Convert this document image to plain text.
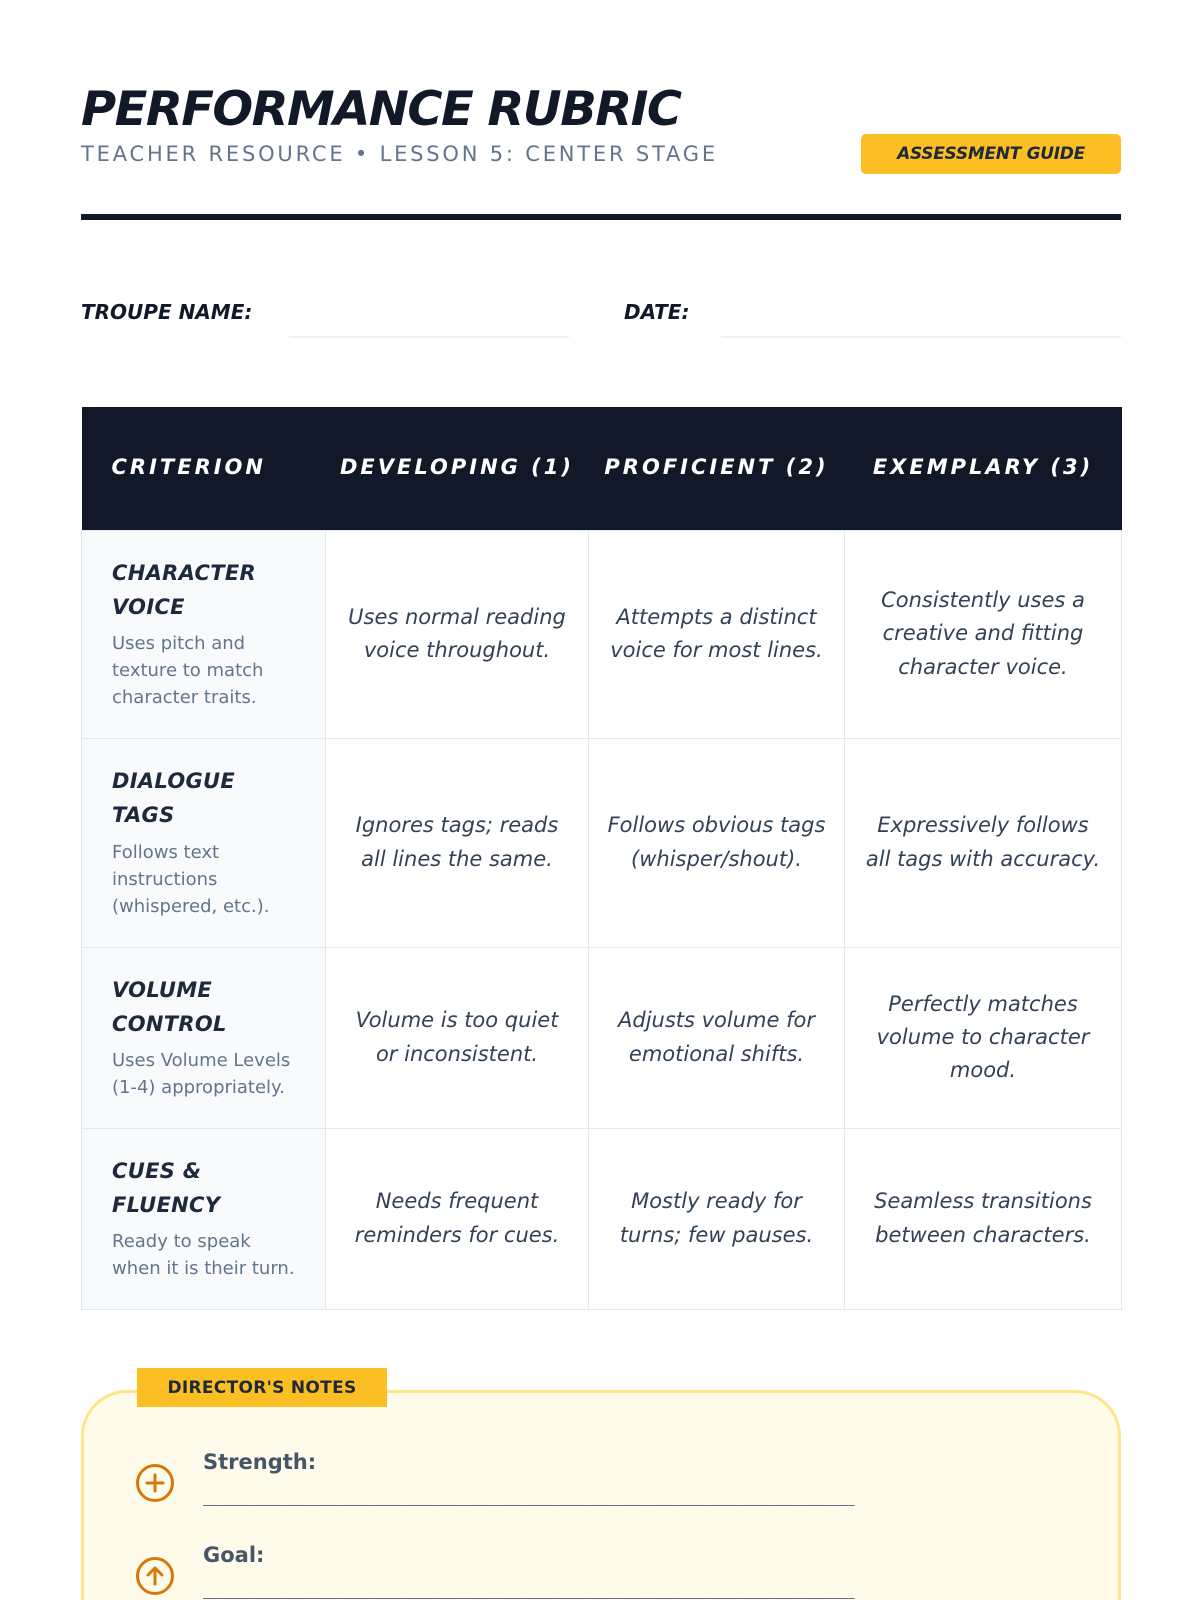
PERFORMANCE RUBRIC
TEACHER RESOURCE • LESSON 5: CENTER STAGE	ASSESSMENT GUIDE
TROUPE NAME:	DATE:
CRITERION	DEVELOPING (1)	PROFICIENT (2)	EXEMPLARY (3)

CHARACTER VOICE
Uses pitch and texture to match character traits.	Uses normal reading voice throughout.	Attempts a distinct voice for most lines.	Consistently uses a creative and fitting character voice.

DIALOGUE TAGS
Follows text instructions (whispered, etc.).	Ignores tags; reads all lines the same.	Follows obvious tags (whisper/shout).	Expressively follows all tags with accuracy.

VOLUME CONTROL
Uses Volume Levels (1-4) appropriately.	Volume is too quiet or inconsistent.	Adjusts volume for emotional shifts.	Perfectly matches volume to character mood.

CUES & FLUENCY
Ready to speak when it is their turn.	Needs frequent reminders for cues.	Mostly ready for turns; few pauses.	Seamless transitions between characters.
DIRECTOR'S NOTES
Strength:
____________________________________________________________
Goal:
____________________________________________________________
